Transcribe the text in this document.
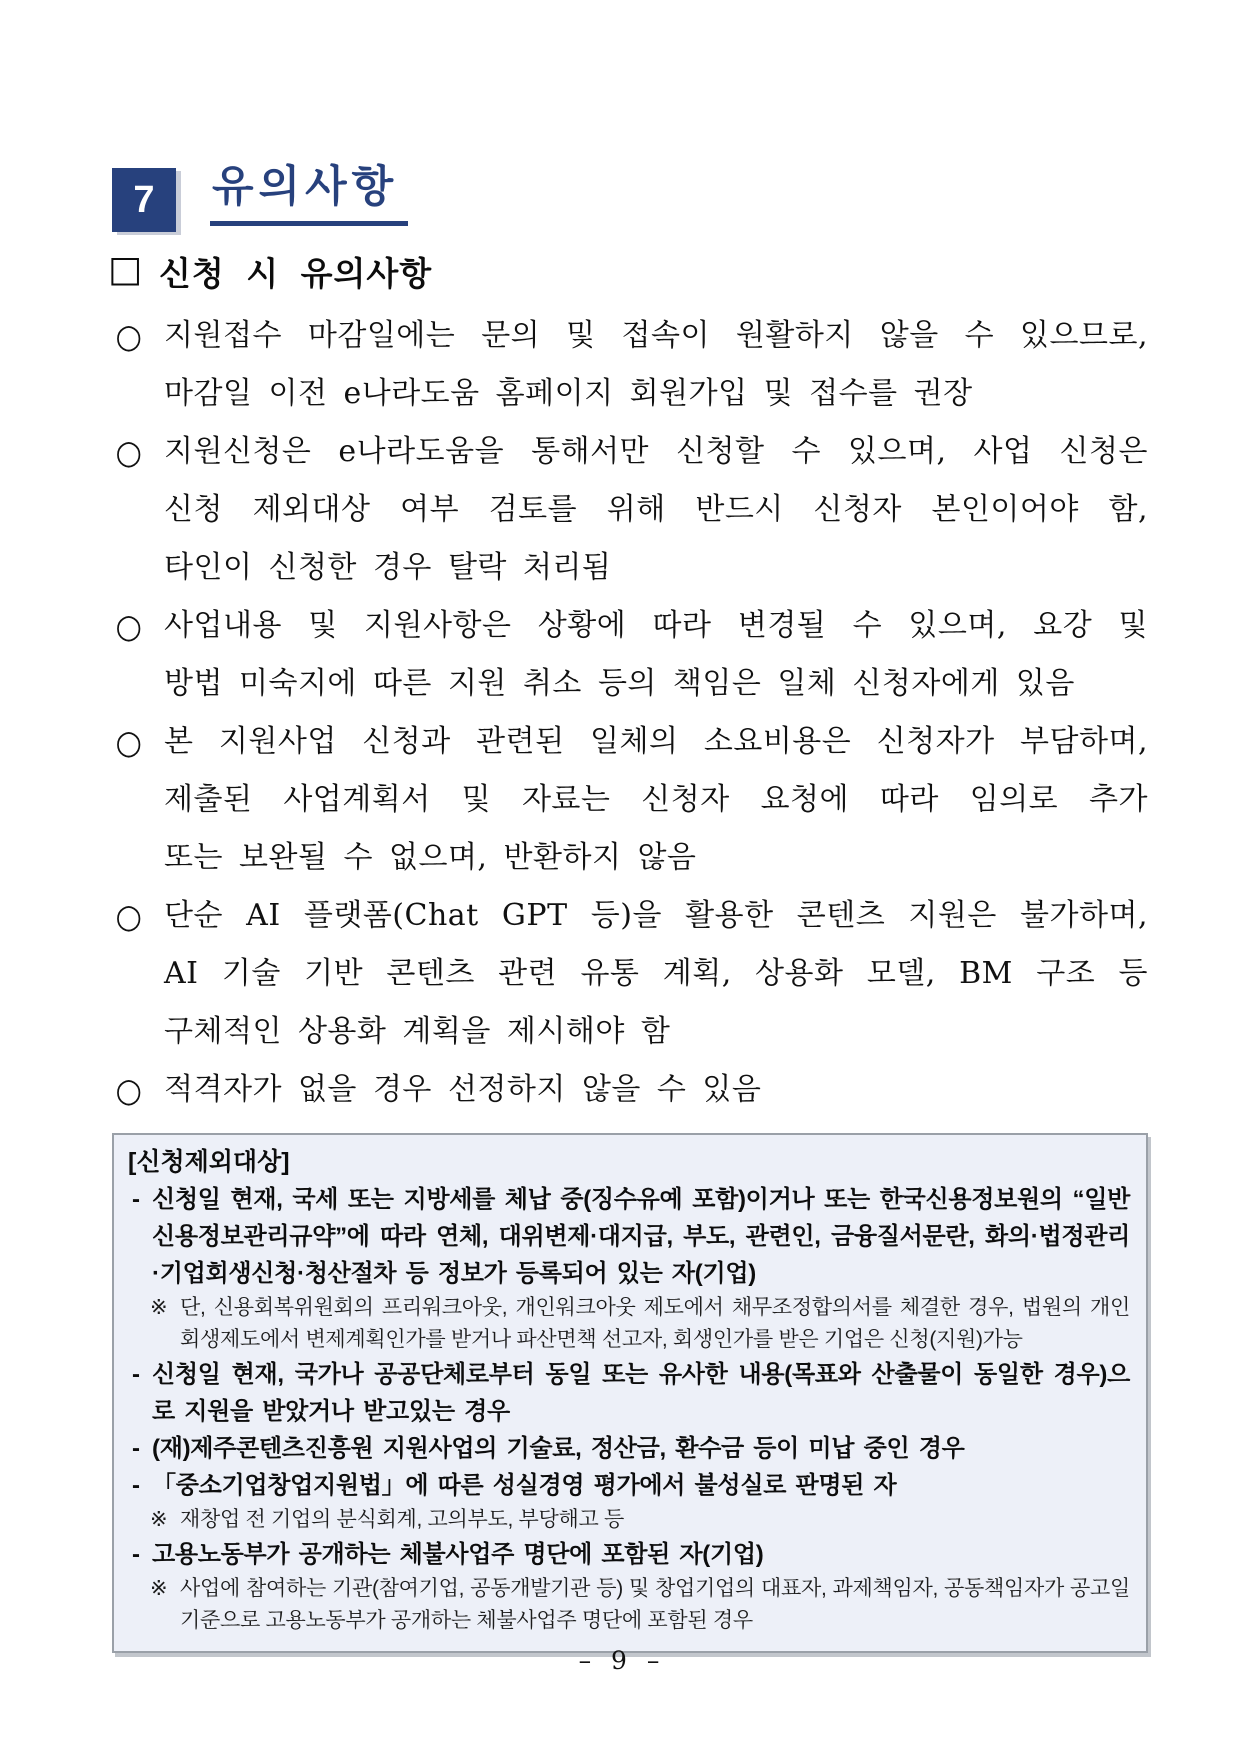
7	유의사항
□ 신청 시 유의사항
○ 지원접수 마감일에는 문의 및 접속이 원활하지 않을 수 있으므로,
마감일 이전 e나라도움 홈페이지 회원가입 및 접수를 권장
○ 지원신청은 e나라도움을 통해서만 신청할 수 있으며, 사업 신청은
신청 제외대상 여부 검토를 위해 반드시 신청자 본인이어야 함,
타인이 신청한 경우 탈락 처리됨
○ 사업내용 및 지원사항은 상황에 따라 변경될 수 있으며, 요강 및
방법 미숙지에 따른 지원 취소 등의 책임은 일체 신청자에게 있음
○ 본 지원사업 신청과 관련된 일체의 소요비용은 신청자가 부담하며,
제출된 사업계획서 및 자료는 신청자 요청에 따라 임의로 추가
또는 보완될 수 없으며, 반환하지 않음
○ 단순 AI 플랫폼(Chat GPT 등)을 활용한 콘텐츠 지원은 불가하며,
AI 기술 기반 콘텐츠 관련 유통 계획, 상용화 모델, BM 구조 등
구체적인 상용화 계획을 제시해야 함
○ 적격자가 없을 경우 선정하지 않을 수 있음
[신청제외대상]
- 신청일 현재, 국세 또는 지방세를 체납 중(징수유예 포함)이거나 또는 한국신용정보원의 “일반신용정보관리규약”에 따라 연체, 대위변제·대지급, 부도, 관련인, 금융질서문란, 화의·법정관리·기업회생신청·청산절차 등 정보가 등록되어 있는 자(기업)
※ 단, 신용회복위원회의 프리워크아웃, 개인워크아웃 제도에서 채무조정합의서를 체결한 경우, 법원의 개인 회생제도에서 변제계획인가를 받거나 파산면책 선고자, 회생인가를 받은 기업은 신청(지원)가능
- 신청일 현재, 국가나 공공단체로부터 동일 또는 유사한 내용(목표와 산출물이 동일한 경우)으로 지원을 받았거나 받고있는 경우
- (재)제주콘텐츠진흥원 지원사업의 기술료, 정산금, 환수금 등이 미납 중인 경우
- 「중소기업창업지원법」에 따른 성실경영 평가에서 불성실로 판명된 자
※ 재창업 전 기업의 분식회계, 고의부도, 부당해고 등
- 고용노동부가 공개하는 체불사업주 명단에 포함된 자(기업)
※ 사업에 참여하는 기관(참여기업, 공동개발기관 등) 및 창업기업의 대표자, 과제책임자, 공동책임자가 공고일 기준으로 고용노동부가 공개하는 체불사업주 명단에 포함된 경우
– 9 –
